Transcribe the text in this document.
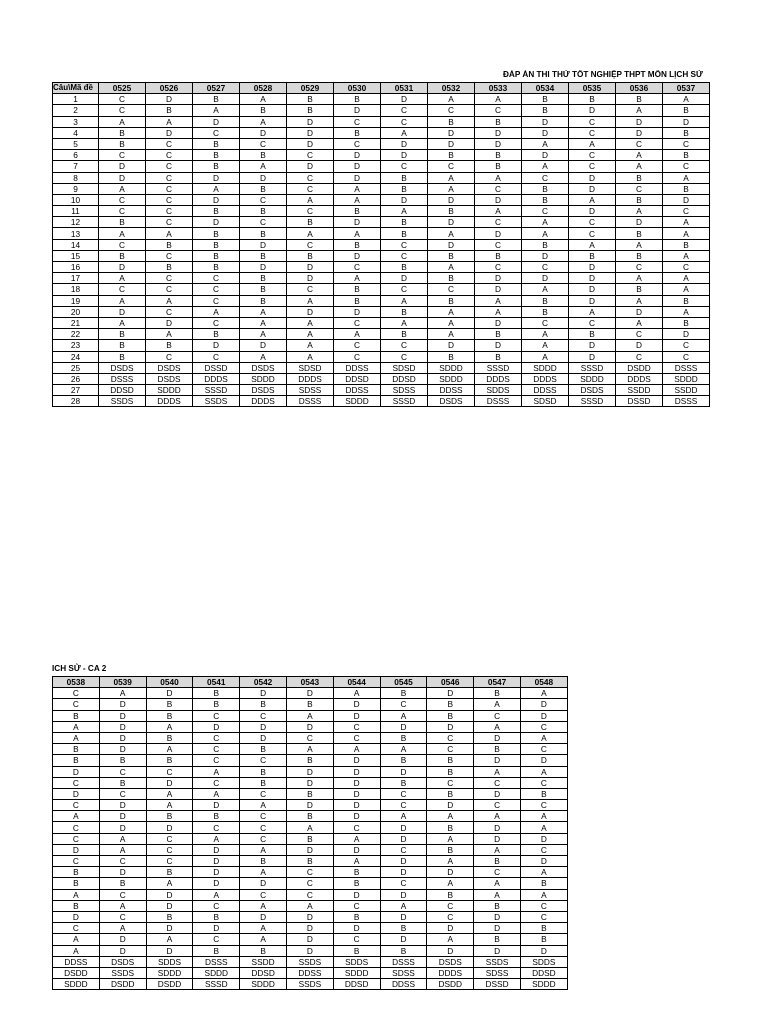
ĐÁP ÁN THI THỬ TỐT NGHIỆP THPT MÔN LỊCH SỬ
Câu\Mã đề	0525	0526	0527	0528	0529	0530	0531	0532	0533	0534	0535	0536	0537
1	C	D	B	A	B	B	D	A	A	B	B	B	A
2	C	B	A	B	B	D	C	C	C	B	D	A	B
3	A	A	D	A	D	C	C	B	B	D	C	D	D
4	B	D	C	D	D	B	A	D	D	D	C	D	B
5	B	C	B	C	D	C	D	D	D	A	A	C	C
6	C	C	B	B	C	D	D	B	B	D	C	A	B
7	D	C	B	A	D	D	C	C	B	A	C	A	C
8	D	C	D	D	C	D	B	A	A	C	D	B	A
9	A	C	A	B	C	A	B	A	C	B	D	C	B
10	C	C	D	C	A	A	D	D	D	B	A	B	D
11	C	C	B	B	C	B	A	B	A	C	D	A	C
12	B	C	D	C	B	D	B	D	C	A	C	D	A
13	A	A	B	B	A	A	B	A	D	A	C	B	A
14	C	B	B	D	C	B	C	D	C	B	A	A	B
15	B	C	B	B	B	D	C	B	B	D	B	B	A
16	D	B	B	D	D	C	B	A	C	C	D	C	C
17	A	C	C	B	D	A	D	B	D	D	D	A	A
18	C	C	C	B	C	B	C	C	D	A	D	B	A
19	A	A	C	B	A	B	A	B	A	B	D	A	B
20	D	C	A	A	D	D	B	A	A	B	A	D	A
21	A	D	C	A	A	C	A	A	D	C	C	A	B
22	B	A	B	A	A	A	B	A	B	A	B	C	D
23	B	B	D	D	A	C	C	D	D	A	D	D	C
24	B	C	C	A	A	C	C	B	B	A	D	C	C
25	DSDS	DSDS	DSSD	DSDS	SDSD	DDSS	SDSD	SDDD	SSSD	SDDD	SSSD	DSDD	DSSS
26	DSSS	DSDS	DDDS	SDDD	DDDS	DDSD	DDSD	SDDD	DDDS	DDDS	SDDD	DDDS	SDDD
27	DDSD	SDDD	SSSD	DSDS	SDSS	DDSS	SDSS	DDSS	SDDS	DDSS	DSDS	SSDD	SSDD
28	SSDS	DDDS	SSDS	DDDS	DSSS	SDDD	SSSD	DSDS	DSSS	SDSD	SSSD	DSSD	DSSS
ICH SỬ - CA 2
0538	0539	0540	0541	0542	0543	0544	0545	0546	0547	0548
C	A	D	B	D	D	A	B	D	B	A
C	D	B	B	B	B	D	C	B	A	D
B	D	B	C	C	A	D	A	B	C	D
A	D	A	D	D	D	C	D	D	A	C
A	D	B	C	D	C	C	B	C	D	A
B	D	A	C	B	A	A	A	C	B	C
B	B	B	C	C	B	D	B	B	D	D
D	C	C	A	B	D	D	D	B	A	A
C	B	D	C	B	D	D	B	C	C	C
D	C	A	A	C	B	D	C	B	D	B
C	D	A	D	A	D	D	C	D	C	C
A	D	B	B	C	B	D	A	A	A	A
C	D	D	C	C	A	C	D	B	D	A
C	A	C	A	C	B	A	D	A	D	D
D	A	C	D	A	D	D	C	B	A	C
C	C	C	D	B	B	A	D	A	B	D
B	D	B	D	A	C	B	D	D	C	A
B	B	A	D	D	C	B	C	A	A	B
A	C	D	A	C	C	D	D	B	A	A
B	A	D	C	A	A	C	A	C	B	C
D	C	B	B	D	D	B	D	C	D	C
C	A	D	D	A	D	D	B	D	D	B
A	D	A	C	A	D	C	D	A	B	B
A	D	D	B	B	D	B	B	D	D	D
DDSS	DSDS	SDDS	DSSS	SSDD	SSDS	SDDS	DSSS	DSDS	SSDS	SDDS
DSDD	SSDS	SDDD	SDDD	DDSD	DDSS	SDDD	SDSS	DDDS	SDSS	DDSD
SDDD	DSDD	DSDD	SSSD	SDDD	SSDS	DDSD	DDSS	DSDD	DSSD	SDDD
